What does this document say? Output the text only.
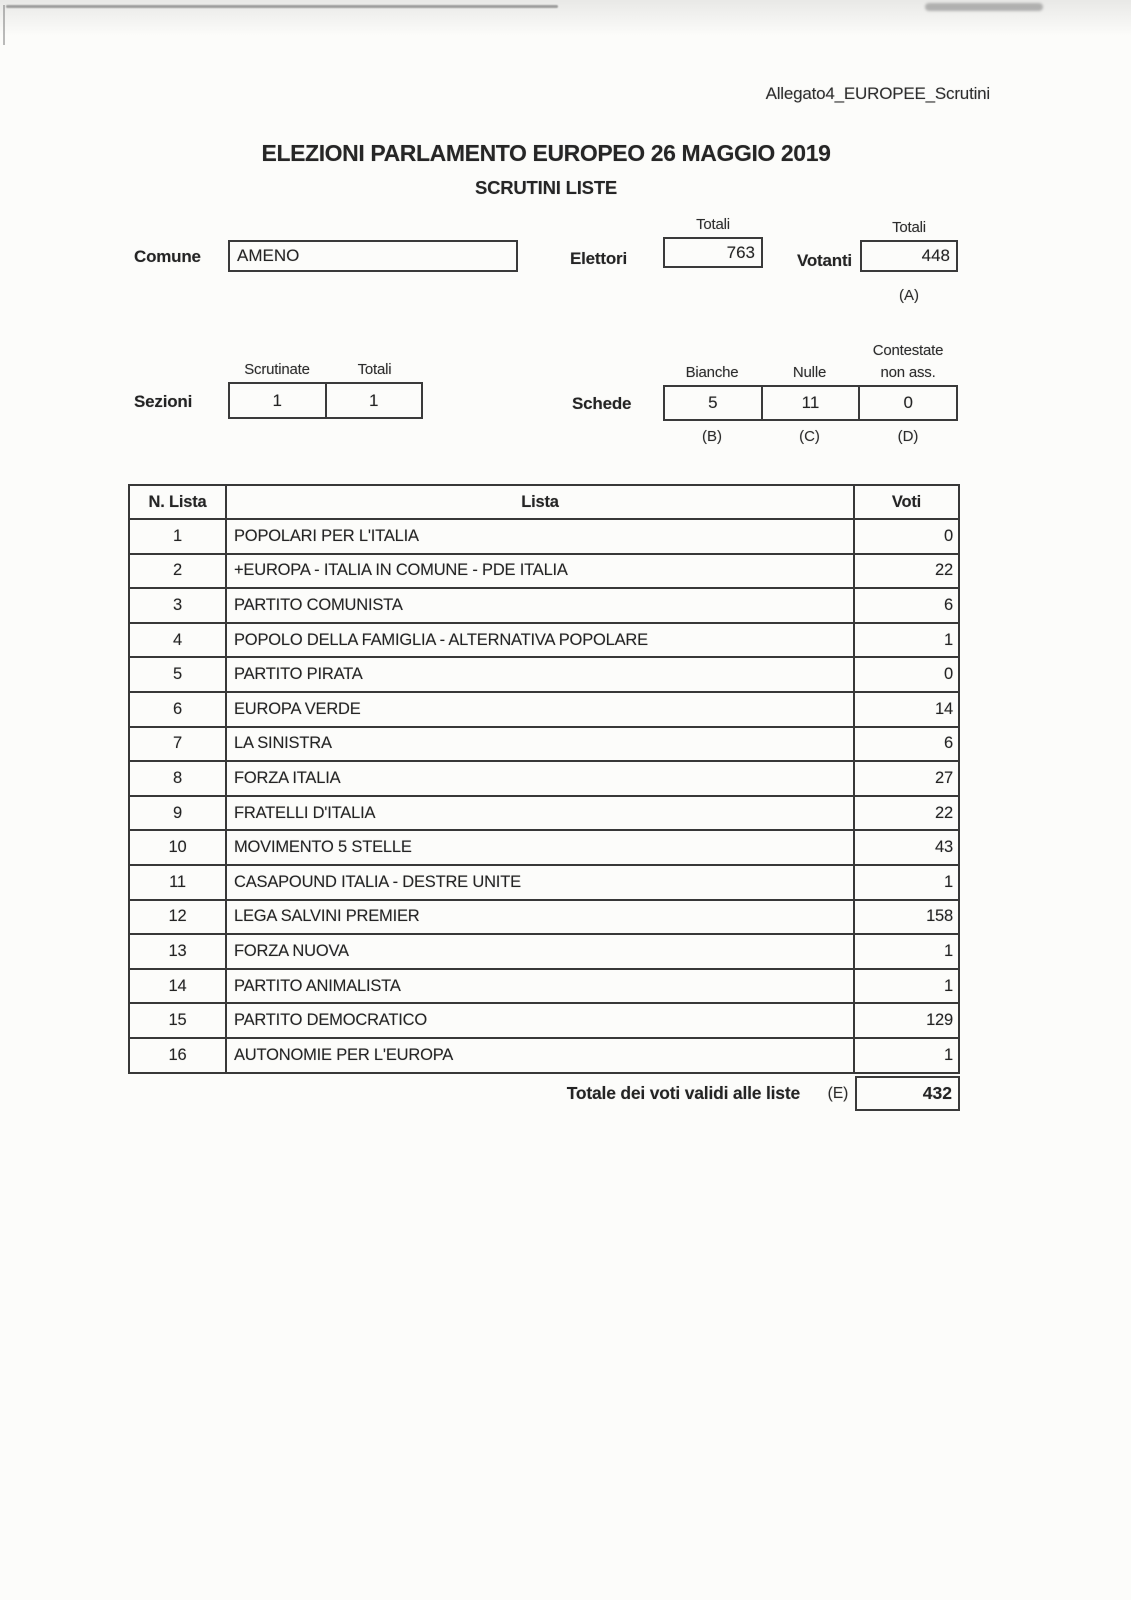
Allegato4_EUROPEE_Scrutini
ELEZIONI PARLAMENTO EUROPEO 26 MAGGIO 2019
SCRUTINI LISTE
Comune AMENO	Elettori
Totali
763 Votanti
Totali
448
(A)
Scrutinate	Totali
Sezioni	1	1	Schede
Bianche	Nulle
Contestate
non ass.
5	11	0
(B)	(C)	(D)
N. Lista	Lista	Voti
1	POPOLARI PER L'ITALIA	0
2	+EUROPA - ITALIA IN COMUNE - PDE ITALIA	22
3	PARTITO COMUNISTA	6
4	POPOLO DELLA FAMIGLIA - ALTERNATIVA POPOLARE	1
5	PARTITO PIRATA	0
6	EUROPA VERDE	14
7	LA SINISTRA	6
8	FORZA ITALIA	27
9	FRATELLI D'ITALIA	22
10	MOVIMENTO 5 STELLE	43
11	CASAPOUND ITALIA - DESTRE UNITE	1
12	LEGA SALVINI PREMIER	158
13	FORZA NUOVA	1
14	PARTITO ANIMALISTA	1
15	PARTITO DEMOCRATICO	129
16	AUTONOMIE PER L'EUROPA	1
Totale dei voti validi alle liste	(E)	432
